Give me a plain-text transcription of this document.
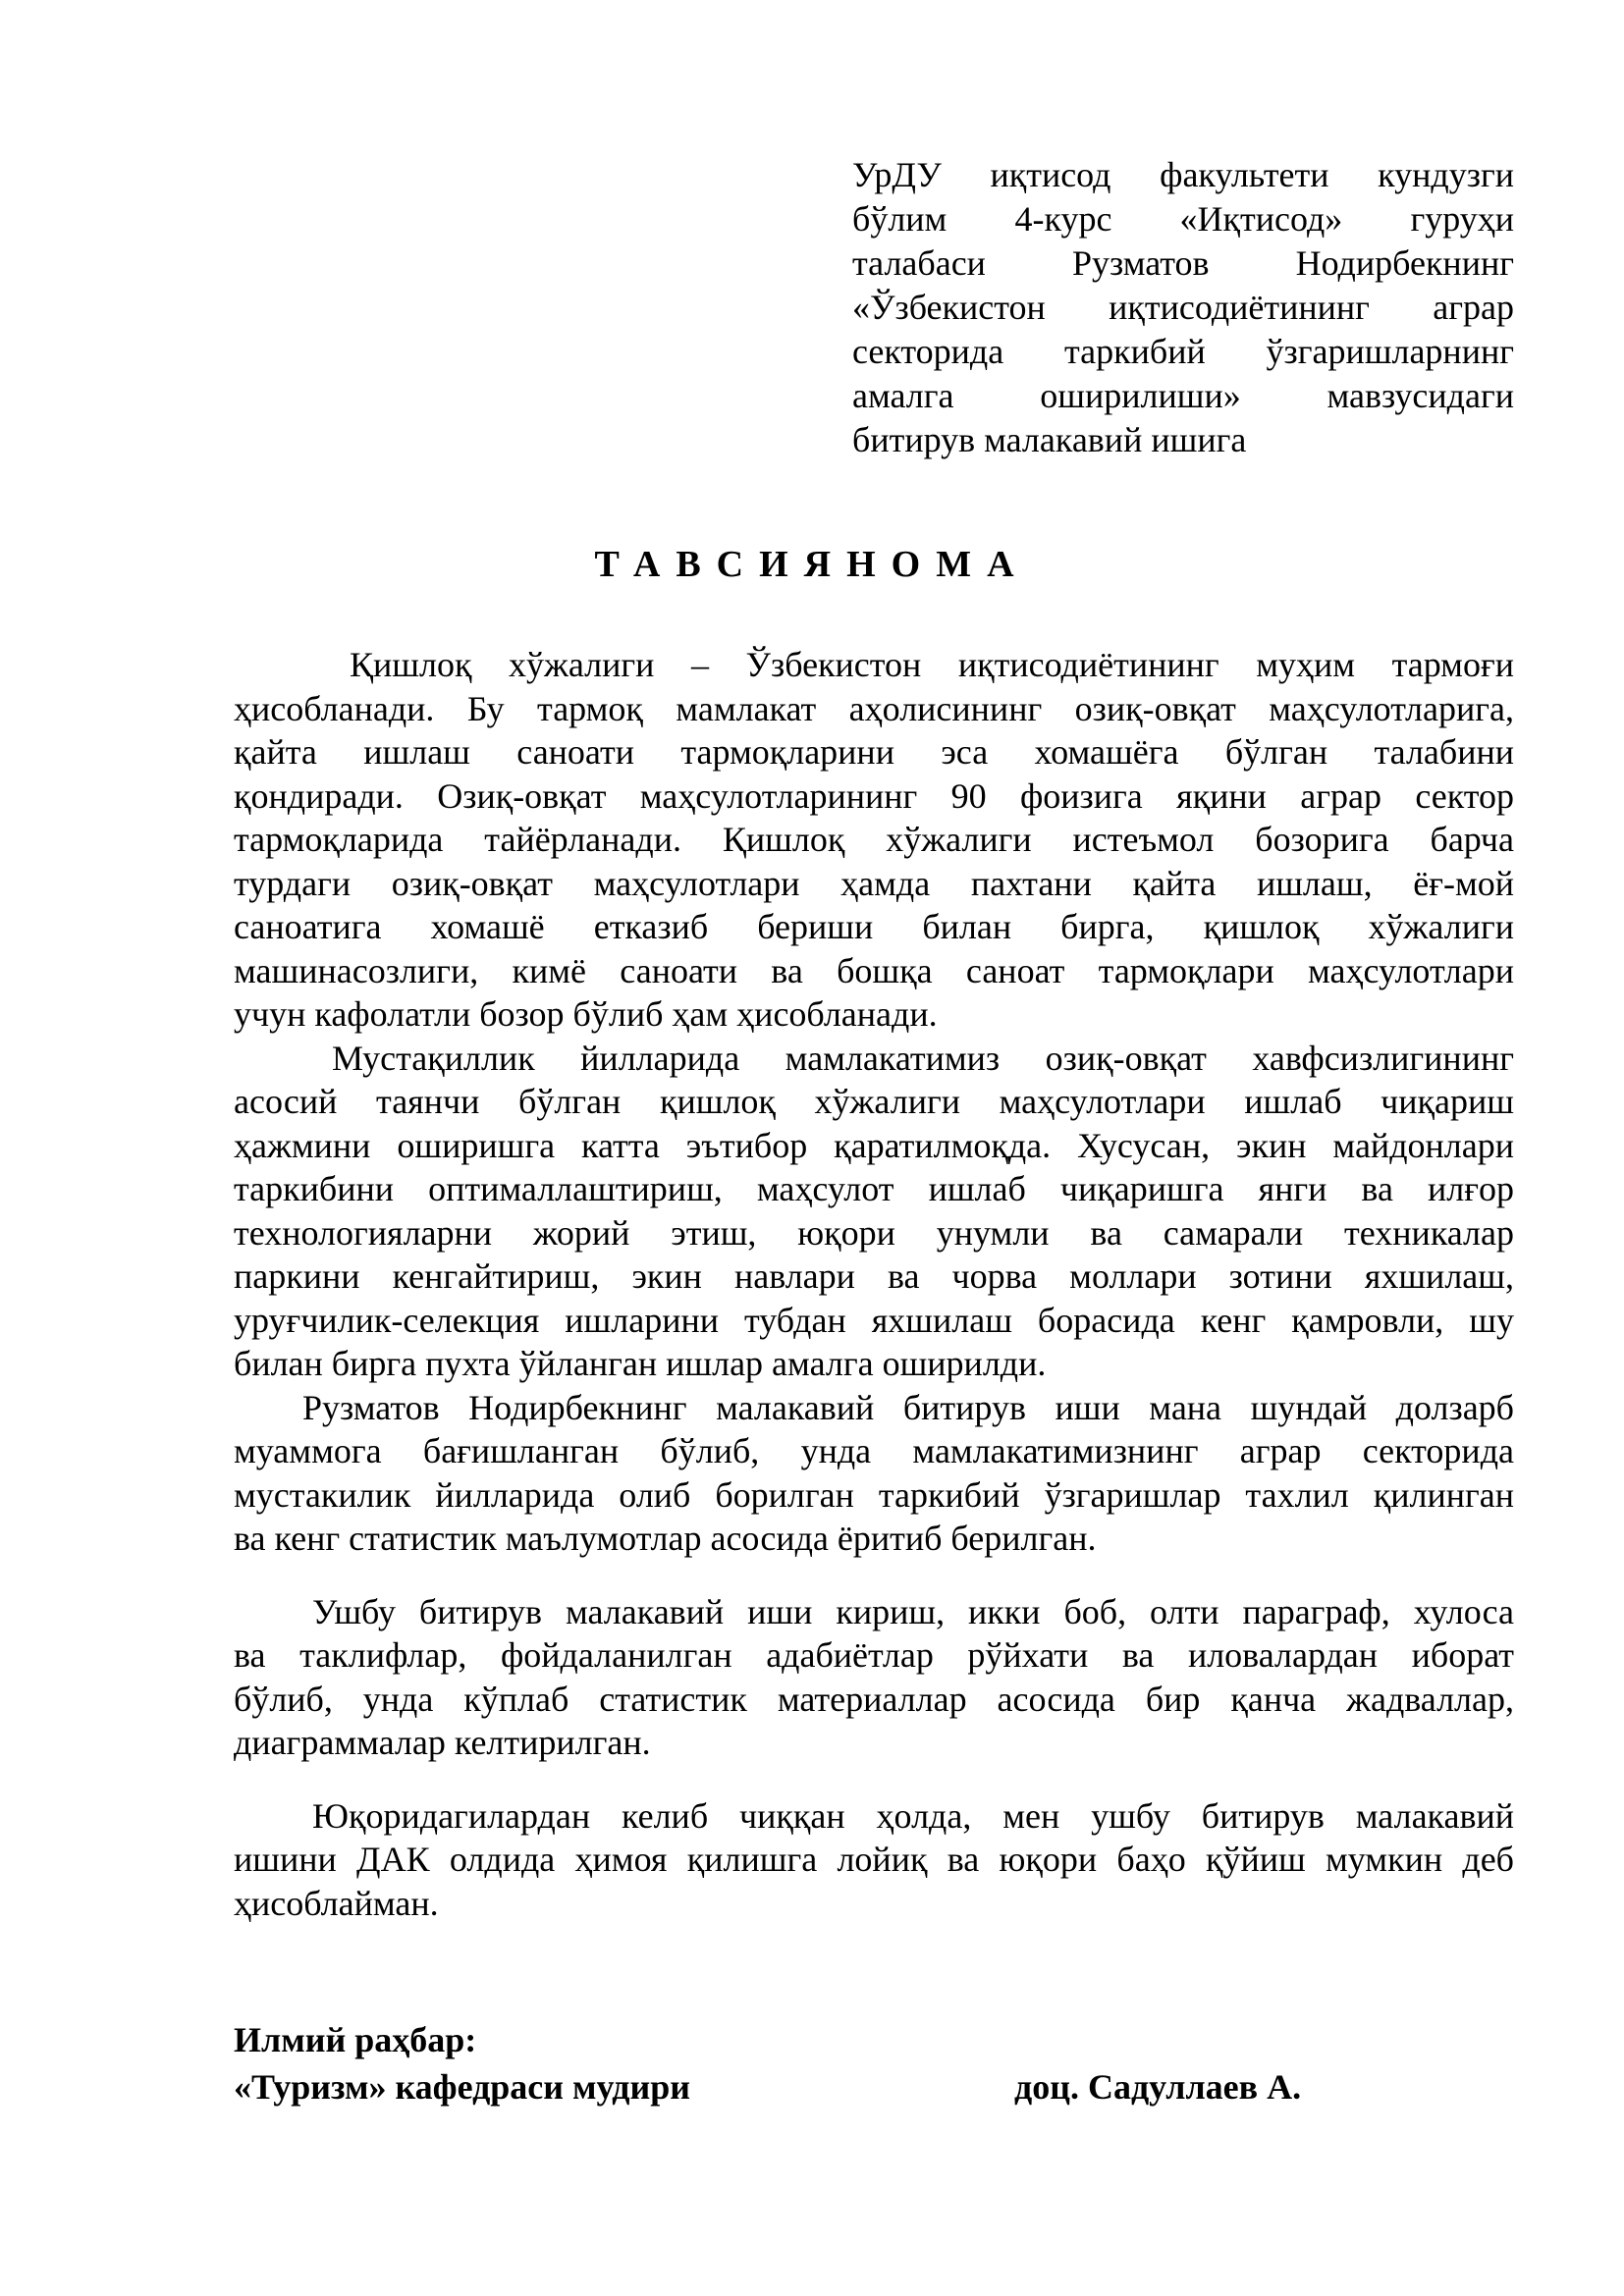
УрДУ иқтисод факультети кундузги
бўлим 4-курс «Иқтисод» гуруҳи
талабаси Рузматов Нодирбекнинг
«Ўзбекистон иқтисодиётининг аграр
секторида таркибий ўзгаришларнинг
амалга оширилиши» мавзусидаги
битирув малакавий ишига
ТАВСИЯНОМА
Қишлоқ хўжалиги – Ўзбекистон иқтисодиётининг муҳим тармоғи
ҳисобланади. Бу тармоқ мамлакат аҳолисининг озиқ-овқат маҳсулотларига,
қайта ишлаш саноати тармоқларини эса хомашёга бўлган талабини
қондиради. Озиқ-овқат маҳсулотларининг 90 фоизига яқини аграр сектор
тармоқларида тайёрланади. Қишлоқ хўжалиги истеъмол бозорига барча
турдаги озиқ-овқат маҳсулотлари ҳамда пахтани қайта ишлаш, ёғ-мой
саноатига хомашё етказиб бериши билан бирга, қишлоқ хўжалиги
машинасозлиги, кимё саноати ва бошқа саноат тармоқлари маҳсулотлари
учун кафолатли бозор бўлиб ҳам ҳисобланади.
Мустақиллик йилларида мамлакатимиз озиқ-овқат хавфсизлигининг
асосий таянчи бўлган қишлоқ хўжалиги маҳсулотлари ишлаб чиқариш
ҳажмини оширишга катта эътибор қаратилмоқда. Хусусан, экин майдонлари
таркибини оптималлаштириш, маҳсулот ишлаб чиқаришга янги ва илғор
технологияларни жорий этиш, юқори унумли ва самарали техникалар
паркини кенгайтириш, экин навлари ва чорва моллари зотини яхшилаш,
уруғчилик-селекция ишларини тубдан яхшилаш борасида кенг қамровли, шу
билан бирга пухта ўйланган ишлар амалга оширилди.
Рузматов Нодирбекнинг малакавий битирув иши мана шундай долзарб
муаммога бағишланган бўлиб, унда мамлакатимизнинг аграр секторида
мустакилик йилларида олиб борилган таркибий ўзгаришлар тахлил қилинган
ва кенг статистик маълумотлар асосида ёритиб берилган.
Ушбу битирув малакавий иши кириш, икки боб, олти параграф, хулоса
ва таклифлар, фойдаланилган адабиётлар рўйхати ва иловалардан иборат
бўлиб, унда кўплаб статистик материаллар асосида бир қанча жадваллар,
диаграммалар келтирилган.
Юқоридагилардан келиб чиққан ҳолда, мен ушбу битирув малакавий
ишини ДАК олдида ҳимоя қилишга лойиқ ва юқори баҳо қўйиш мумкин деб
ҳисоблайман.
Илмий раҳбар:
«Туризм» кафедраси мудири	доц. Садуллаев А.
